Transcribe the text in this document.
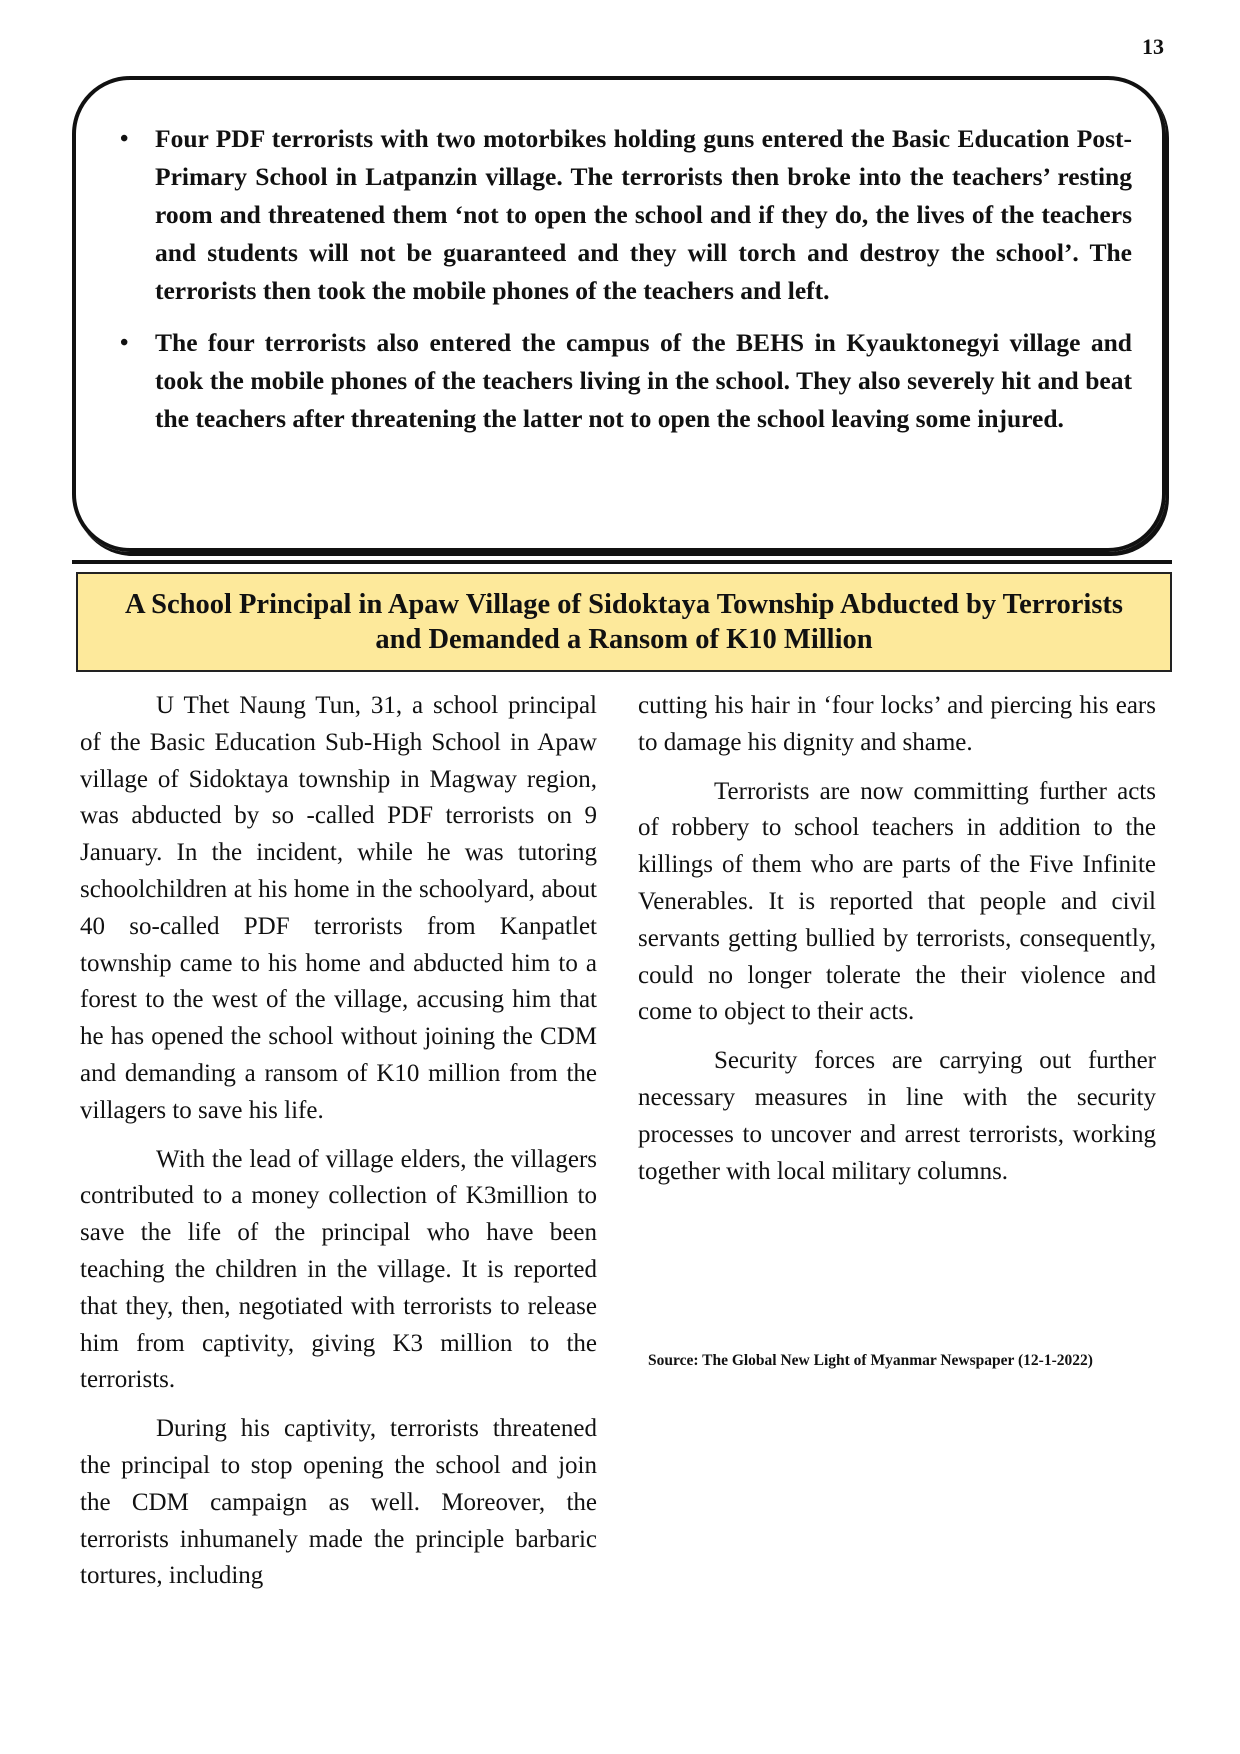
13
• Four PDF terrorists with two motorbikes holding guns entered the Basic Education Post-Primary School in Latpanzin village. The terrorists then broke into the teachers’ resting room and threatened them ‘not to open the school and if they do, the lives of the teachers and students will not be guaranteed and they will torch and destroy the school’. The terrorists then took the mobile phones of the teachers and left.
• The four terrorists also entered the campus of the BEHS in Kyauktonegyi village and took the mobile phones of the teachers living in the school. They also severely hit and beat the teachers after threatening the latter not to open the school leaving some injured.
A School Principal in Apaw Village of Sidoktaya Township Abducted by Terrorists and Demanded a Ransom of K10 Million

U Thet Naung Tun, 31, a school principal of the Basic Education Sub-High School in Apaw village of Sidoktaya township in Magway region, was abducted by so -called PDF terrorists on 9 January. In the incident, while he was tutoring schoolchildren at his home in the schoolyard, about 40 so-called PDF terrorists from Kanpatlet township came to his home and abducted him to a forest to the west of the village, accusing him that he has opened the school without joining the CDM and demanding a ransom of K10 million from the villagers to save his life.

With the lead of village elders, the villagers contributed to a money collection of K3million to save the life of the principal who have been teaching the children in the village. It is reported that they, then, negotiated with terrorists to release him from captivity, giving K3 million to the terrorists.

During his captivity, terrorists threatened the principal to stop opening the school and join the CDM campaign as well. Moreover, the terrorists inhumanely made the principle barbaric tortures, including

cutting his hair in ‘four locks’ and piercing his ears to damage his dignity and shame.

Terrorists are now committing further acts of robbery to school teachers in addition to the killings of them who are parts of the Five Infinite Venerables. It is reported that people and civil servants getting bullied by terrorists, consequently, could no longer tolerate the their violence and come to object to their acts.

Security forces are carrying out further necessary measures in line with the security processes to uncover and arrest terrorists, working together with local military columns.

Source: The Global New Light of Myanmar Newspaper (12-1-2022)
